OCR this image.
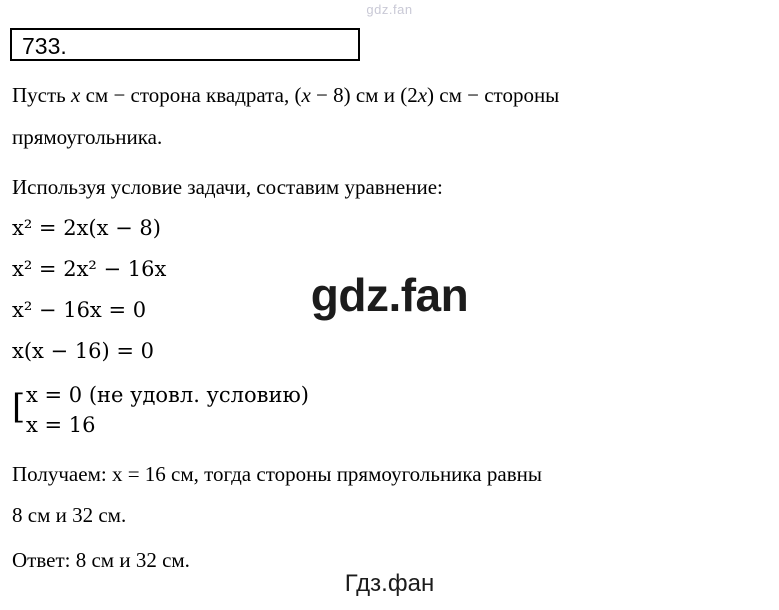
gdz.fan
733.
Пусть x см − сторона квадрата, (x − 8) см и (2x) см − стороны
прямоугольника.
Используя условие задачи, составим уравнение:
x² = 2x(x − 8)
x² = 2x² − 16x
x² − 16x = 0
x(x − 16) = 0
[ x = 0 (не удовл. условию)
x = 16
Получаем: x = 16 см, тогда стороны прямоугольника равны
8 см и 32 см.
Ответ: 8 см и 32 см.
gdz.fan
Гдз.фан
